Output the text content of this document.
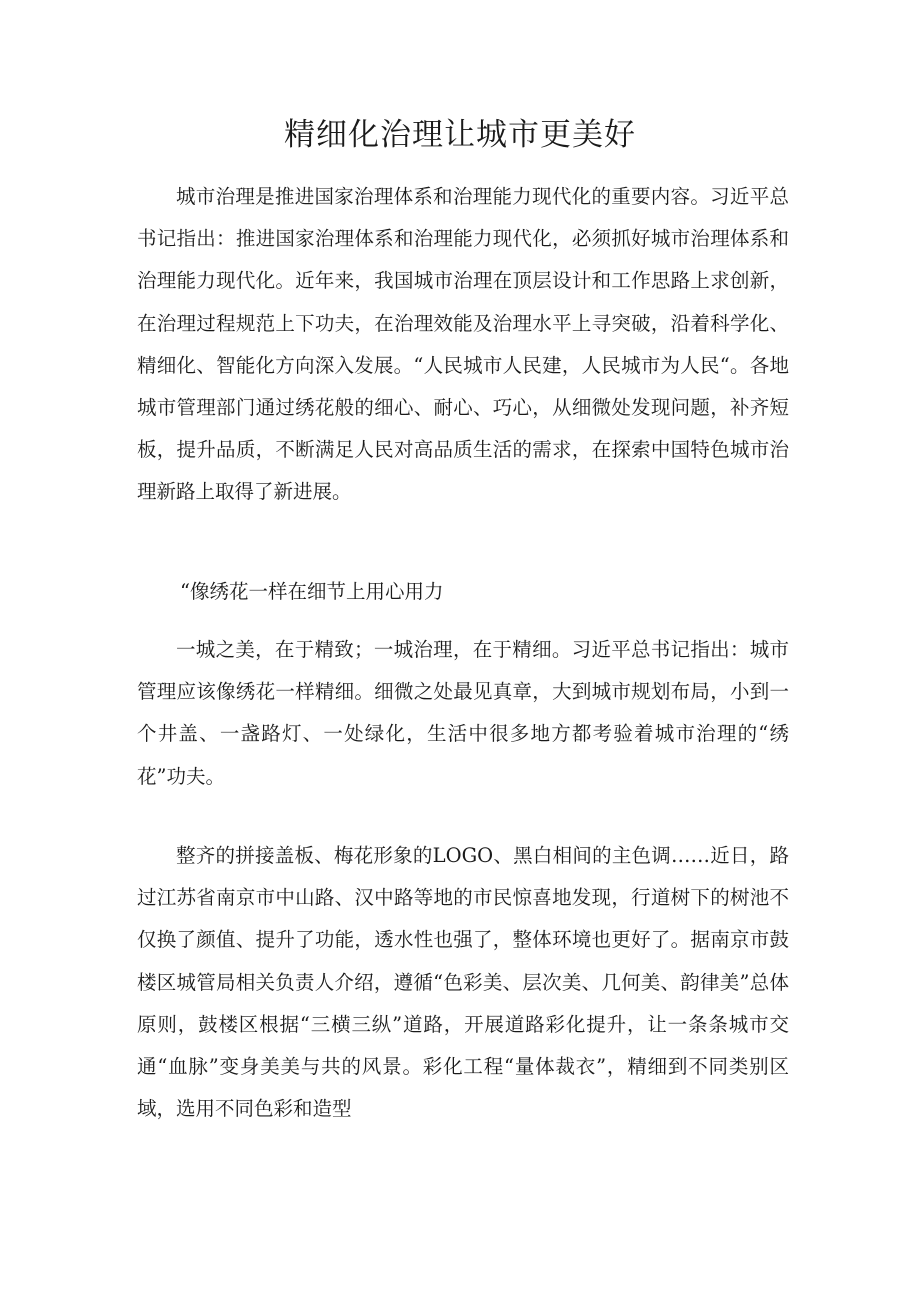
精细化治理让城市更美好

城市治理是推进国家治理体系和治理能力现代化的重要内容。习近平总书记指出：推进国家治理体系和治理能力现代化，必须抓好城市治理体系和治理能力现代化。近年来，我国城市治理在顶层设计和工作思路上求创新，在治理过程规范上下功夫，在治理效能及治理水平上寻突破，沿着科学化、精细化、智能化方向深入发展。“人民城市人民建，人民城市为人民“。各地城市管理部门通过绣花般的细心、耐心、巧心，从细微处发现问题，补齐短板，提升品质，不断满足人民对高品质生活的需求，在探索中国特色城市治理新路上取得了新进展。

“像绣花一样在细节上用心用力

一城之美，在于精致；一城治理，在于精细。习近平总书记指出：城市管理应该像绣花一样精细。细微之处最见真章，大到城市规划布局，小到一个井盖、一盏路灯、一处绿化，生活中很多地方都考验着城市治理的“绣花”功夫。

整齐的拼接盖板、梅花形象的LOGO、黑白相间的主色调……近日，路过江苏省南京市中山路、汉中路等地的市民惊喜地发现，行道树下的树池不仅换了颜值、提升了功能，透水性也强了，整体环境也更好了。据南京市鼓楼区城管局相关负责人介绍，遵循“色彩美、层次美、几何美、韵律美”总体原则，鼓楼区根据“三横三纵”道路，开展道路彩化提升，让一条条城市交通“血脉”变身美美与共的风景。彩化工程“量体裁衣”，精细到不同类别区域，选用不同色彩和造型
